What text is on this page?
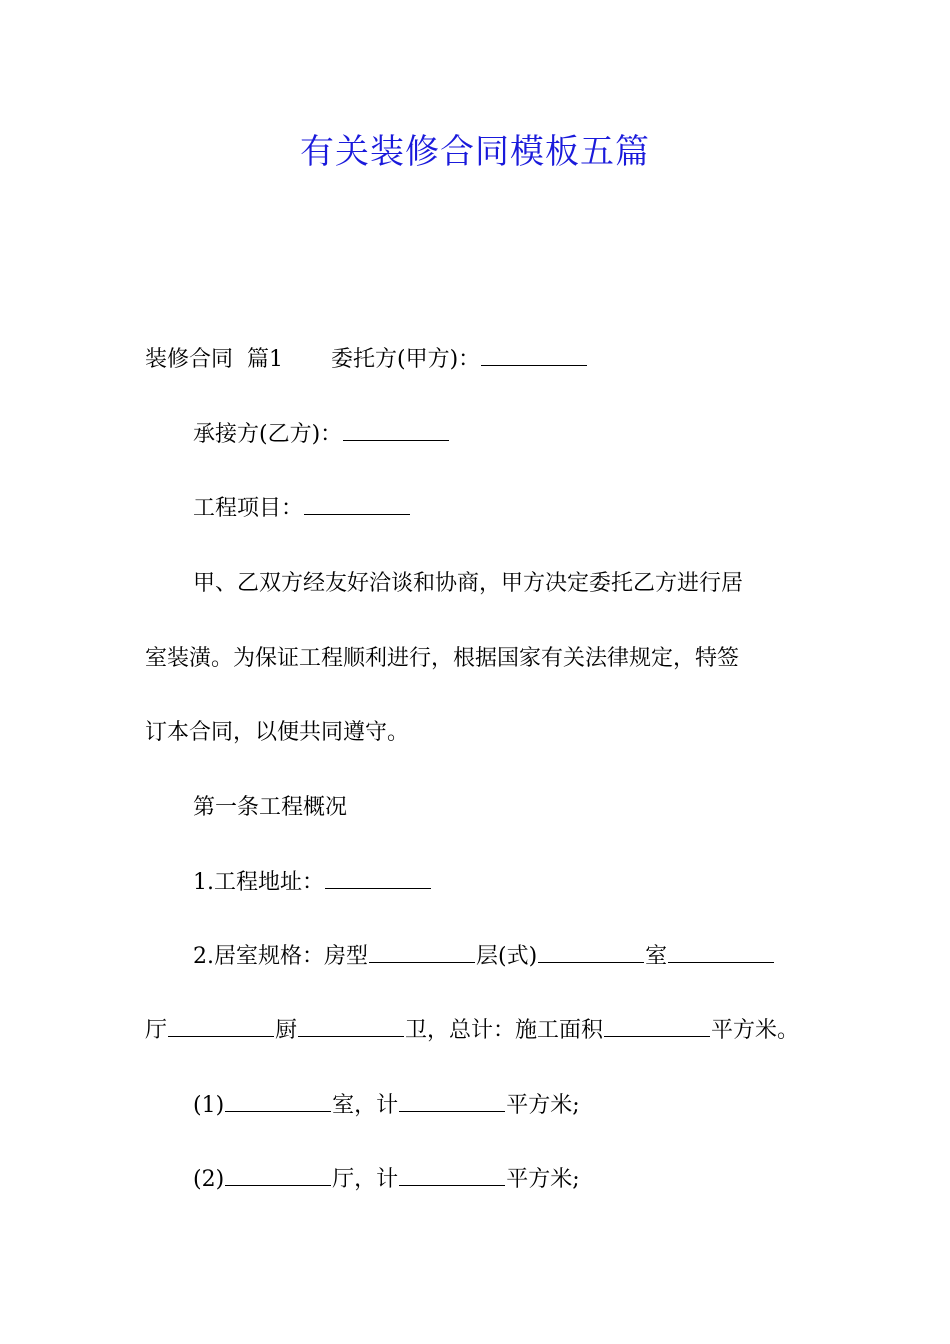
有关装修合同模板五篇
装修合同  篇1 委托方(甲方)：
承接方(乙方)：
工程项目：
甲、乙双方经友好洽谈和协商，甲方决定委托乙方进行居
室装潢。为保证工程顺利进行，根据国家有关法律规定，特签
订本合同，以便共同遵守。
第一条工程概况
1.工程地址：
2.居室规格：房型	层(式)	室
厅	厨	卫，总计：施工面积	平方米。
(1)	室，计	平方米;
(2)	厅，计	平方米;
